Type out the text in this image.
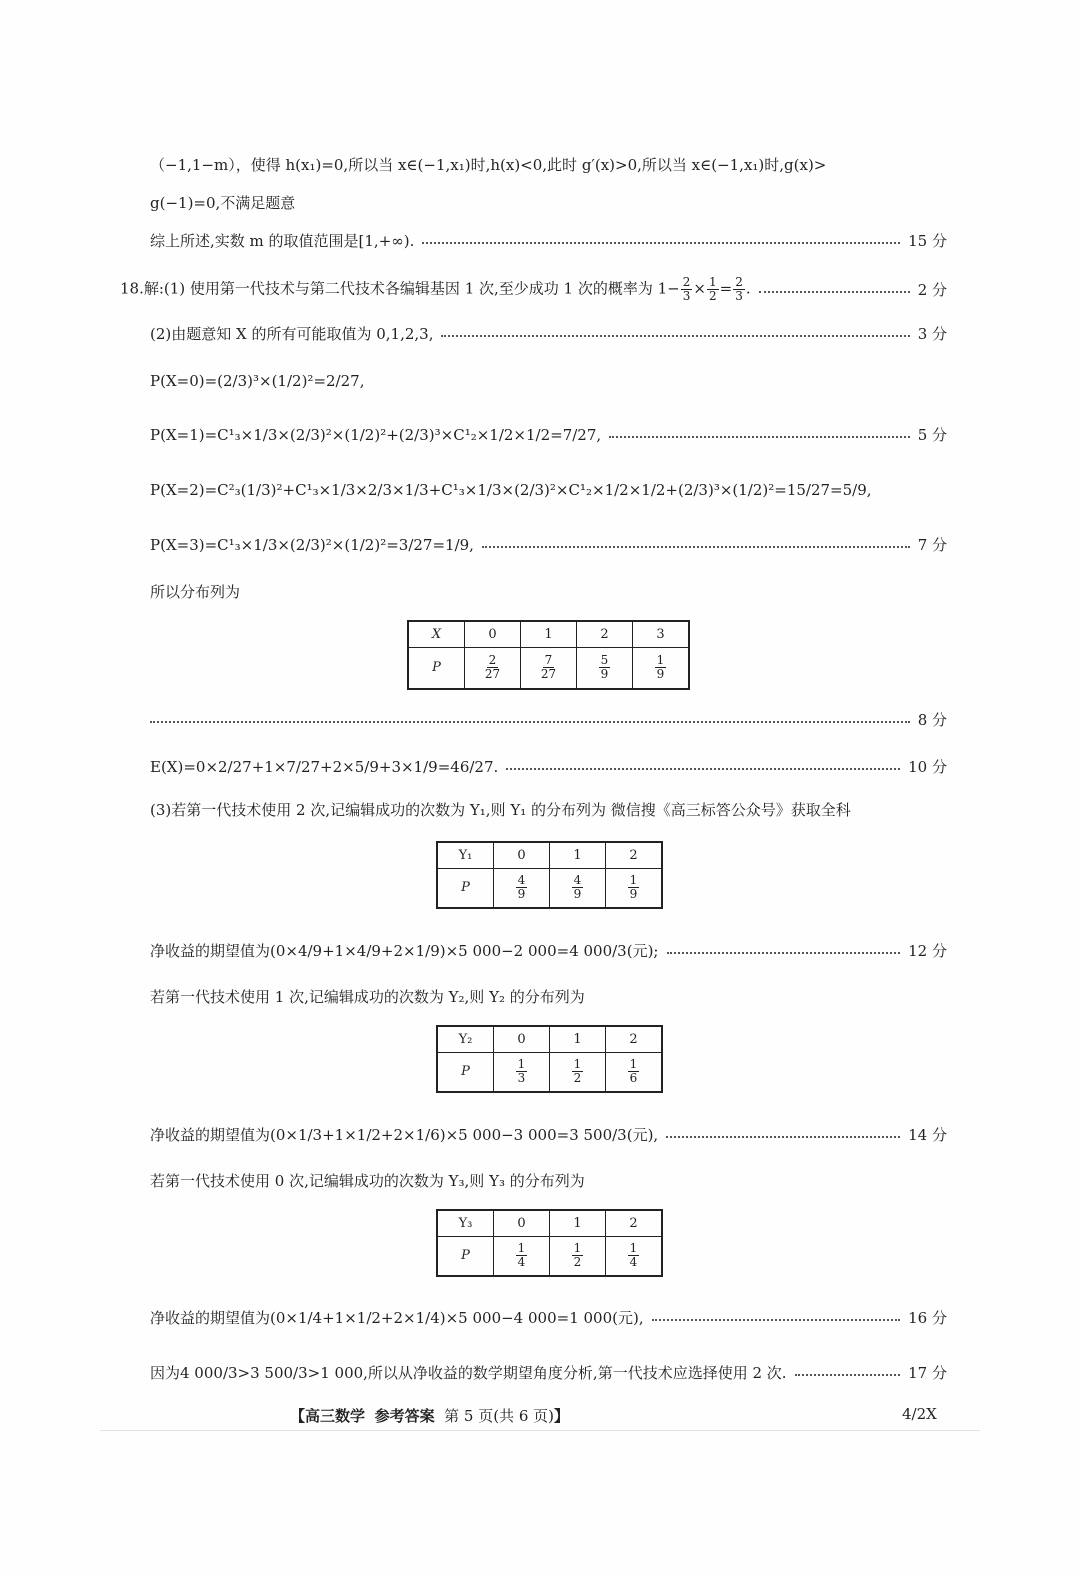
（−1,1−m），使得 h(x₁)=0,所以当 x∈(−1,x₁)时,h(x)<0,此时 g′(x)>0,所以当 x∈(−1,x₁)时,g(x)>
g(−1)=0,不满足题意
综上所述,实数 m 的取值范围是[1,+∞).	15 分
18.解:(1) 使用第一代技术与第二代技术各编辑基因 1 次,至少成功 1 次的概率为 $1- \frac{2}{3} \times \frac{1}{2} = \frac{2}{3}$ .	2 分
(2)由题意知 X 的所有可能取值为 0,1,2,3,	3 分
P(X=0)=(2/3)³×(1/2)²=2/27,
P(X=1)=C¹₃×1/3×(2/3)²×(1/2)²+(2/3)³×C¹₂×1/2×1/2=7/27,	5 分
P(X=2)=C²₃(1/3)²+C¹₃×1/3×2/3×1/3+C¹₃×1/3×(2/3)²×C¹₂×1/2×1/2+(2/3)³×(1/2)²=15/27=5/9,
P(X=3)=C¹₃×1/3×(2/3)²×(1/2)²=3/27=1/9,	7 分
所以分布列为
X	0	1	2	3
P	$\frac{2}{27}$	$\frac{7}{27}$	$\frac{5}{9}$	$\frac{1}{9}$
8 分
E(X)=0×2/27+1×7/27+2×5/9+3×1/9=46/27.	10 分
(3)若第一代技术使用 2 次,记编辑成功的次数为 Y₁,则 Y₁ 的分布列为 微信搜《高三标答公众号》获取全科
Y₁	0	1	2
P	$\frac{4}{9}$	$\frac{4}{9}$	$\frac{1}{9}$
净收益的期望值为(0×4/9+1×4/9+2×1/9)×5 000−2 000=4 000/3(元);	12 分
若第一代技术使用 1 次,记编辑成功的次数为 Y₂,则 Y₂ 的分布列为
Y₂	0	1	2
P	$\frac{1}{3}$	$\frac{1}{2}$	$\frac{1}{6}$
净收益的期望值为(0×1/3+1×1/2+2×1/6)×5 000−3 000=3 500/3(元),	14 分
若第一代技术使用 0 次,记编辑成功的次数为 Y₃,则 Y₃ 的分布列为
Y₃	0	1	2
P	$\frac{1}{4}$	$\frac{1}{2}$	$\frac{1}{4}$
净收益的期望值为(0×1/4+1×1/2+2×1/4)×5 000−4 000=1 000(元),	16 分
因为4 000/3>3 500/3>1 000,所以从净收益的数学期望角度分析,第一代技术应选择使用 2 次.	17 分
【高三数学 参考答案 第 5 页(共 6 页)】	4/2X
